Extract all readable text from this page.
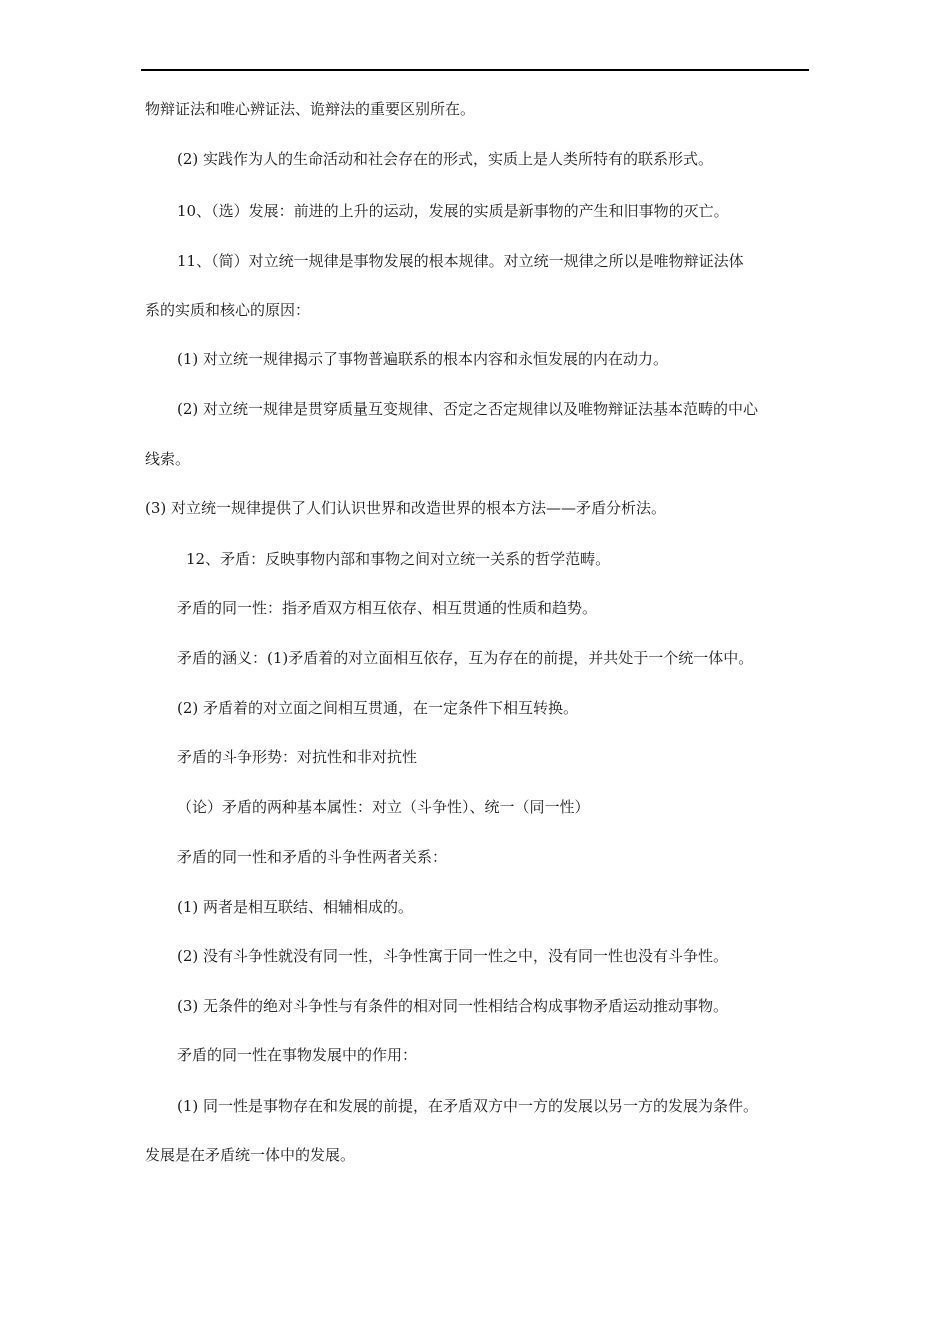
物辩证法和唯心辨证法、诡辩法的重要区别所在。
(2) 实践作为人的生命活动和社会存在的形式，实质上是人类所特有的联系形式。
10、（选）发展：前进的上升的运动，发展的实质是新事物的产生和旧事物的灭亡。
11、（简）对立统一规律是事物发展的根本规律。对立统一规律之所以是唯物辩证法体
系的实质和核心的原因：
(1) 对立统一规律揭示了事物普遍联系的根本内容和永恒发展的内在动力。
(2) 对立统一规律是贯穿质量互变规律、否定之否定规律以及唯物辩证法基本范畴的中心
线索。
(3) 对立统一规律提供了人们认识世界和改造世界的根本方法——矛盾分析法。
12、矛盾：反映事物内部和事物之间对立统一关系的哲学范畴。
矛盾的同一性：指矛盾双方相互依存、相互贯通的性质和趋势。
矛盾的涵义：(1)矛盾着的对立面相互依存，互为存在的前提，并共处于一个统一体中。
(2) 矛盾着的对立面之间相互贯通，在一定条件下相互转换。
矛盾的斗争形势：对抗性和非对抗性
（论）矛盾的两种基本属性：对立（斗争性）、统一（同一性）
矛盾的同一性和矛盾的斗争性两者关系：
(1) 两者是相互联结、相辅相成的。
(2) 没有斗争性就没有同一性，斗争性寓于同一性之中，没有同一性也没有斗争性。
(3) 无条件的绝对斗争性与有条件的相对同一性相结合构成事物矛盾运动推动事物。
矛盾的同一性在事物发展中的作用：
(1) 同一性是事物存在和发展的前提，在矛盾双方中一方的发展以另一方的发展为条件。
发展是在矛盾统一体中的发展。
